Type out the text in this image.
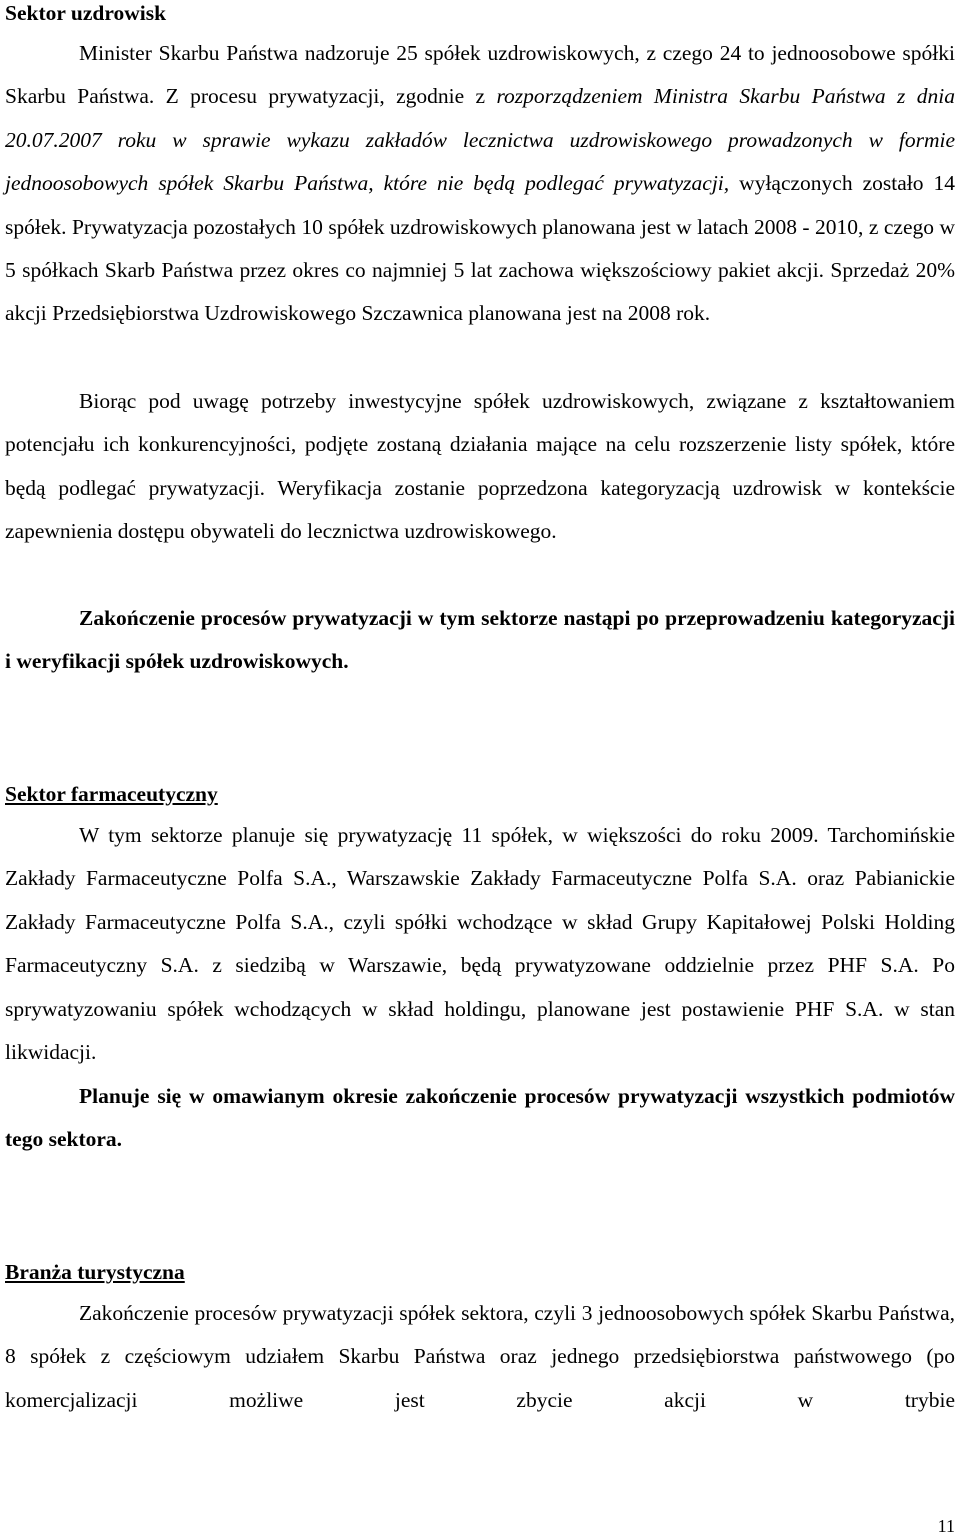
Sektor uzdrowisk

Minister Skarbu Państwa nadzoruje 25 spółek uzdrowiskowych, z czego 24 to jednoosobowe spółki Skarbu Państwa. Z procesu prywatyzacji, zgodnie z rozporządzeniem Ministra Skarbu Państwa z dnia 20.07.2007 roku w sprawie wykazu zakładów lecznictwa uzdrowiskowego prowadzonych w formie jednoosobowych spółek Skarbu Państwa, które nie będą podlegać prywatyzacji, wyłączonych zostało 14 spółek. Prywatyzacja pozostałych 10 spółek uzdrowiskowych planowana jest w latach 2008 - 2010, z czego w 5 spółkach Skarb Państwa przez okres co najmniej 5 lat zachowa większościowy pakiet akcji. Sprzedaż 20% akcji Przedsiębiorstwa Uzdrowiskowego Szczawnica planowana jest na 2008 rok.

Biorąc pod uwagę potrzeby inwestycyjne spółek uzdrowiskowych, związane z kształtowaniem potencjału ich konkurencyjności, podjęte zostaną działania mające na celu rozszerzenie listy spółek, które będą podlegać prywatyzacji. Weryfikacja zostanie poprzedzona kategoryzacją uzdrowisk w kontekście zapewnienia dostępu obywateli do lecznictwa uzdrowiskowego.

Zakończenie procesów prywatyzacji w tym sektorze nastąpi po przeprowadzeniu kategoryzacji i weryfikacji spółek uzdrowiskowych.

Sektor farmaceutyczny

W tym sektorze planuje się prywatyzację 11 spółek, w większości do roku 2009. Tarchomińskie Zakłady Farmaceutyczne Polfa S.A., Warszawskie Zakłady Farmaceutyczne Polfa S.A. oraz Pabianickie Zakłady Farmaceutyczne Polfa S.A., czyli spółki wchodzące w skład Grupy Kapitałowej Polski Holding Farmaceutyczny S.A. z siedzibą w Warszawie, będą prywatyzowane oddzielnie przez PHF S.A. Po sprywatyzowaniu spółek wchodzących w skład holdingu, planowane jest postawienie PHF S.A. w stan likwidacji.

Planuje się w omawianym okresie zakończenie procesów prywatyzacji wszystkich podmiotów tego sektora.

Branża turystyczna

Zakończenie procesów prywatyzacji spółek sektora, czyli 3 jednoosobowych spółek Skarbu Państwa, 8 spółek z częściowym udziałem Skarbu Państwa oraz jednego przedsiębiorstwa państwowego (po komercjalizacji możliwe jest zbycie akcji w trybie

11
